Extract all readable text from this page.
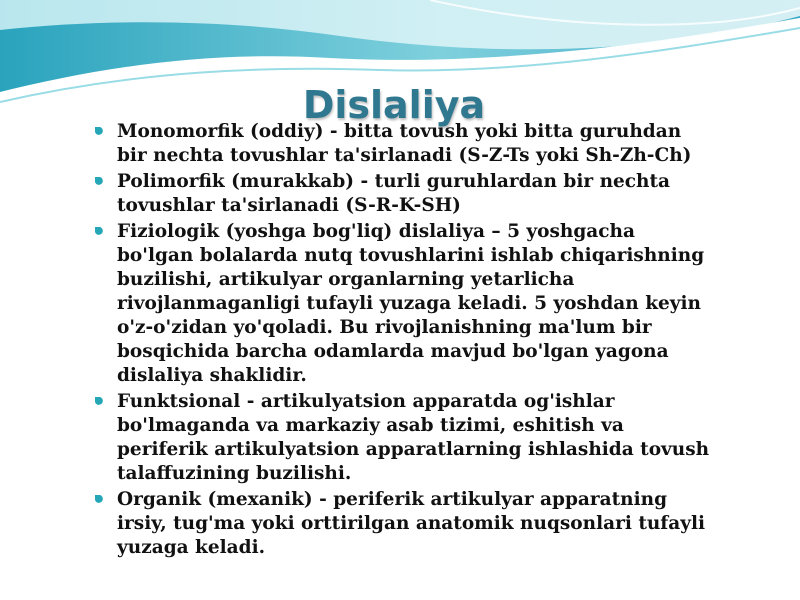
Dislaliya
Monomorfik (oddiy) - bitta tovush yoki bitta guruhdan bir nechta tovushlar ta'sirlanadi (S-Z-Ts yoki Sh-Zh-Ch)
Polimorfik (murakkab) - turli guruhlardan bir nechta tovushlar ta'sirlanadi (S-R-K-SH)
Fiziologik (yoshga bog'liq) dislaliya – 5 yoshgacha bo'lgan bolalarda nutq tovushlarini ishlab chiqarishning buzilishi, artikulyar organlarning yetarlicha rivojlanmaganligi tufayli yuzaga keladi. 5 yoshdan keyin o'z-o'zidan yo'qoladi. Bu rivojlanishning ma'lum bir bosqichida barcha odamlarda mavjud bo'lgan yagona dislaliya shaklidir.
Funktsional - artikulyatsion apparatda og'ishlar bo'lmaganda va markaziy asab tizimi, eshitish va periferik artikulyatsion apparatlarning ishlashida tovush talaffuzining buzilishi.
Organik (mexanik) - periferik artikulyar apparatning irsiy, tug'ma yoki orttirilgan anatomik nuqsonlari tufayli yuzaga keladi.
